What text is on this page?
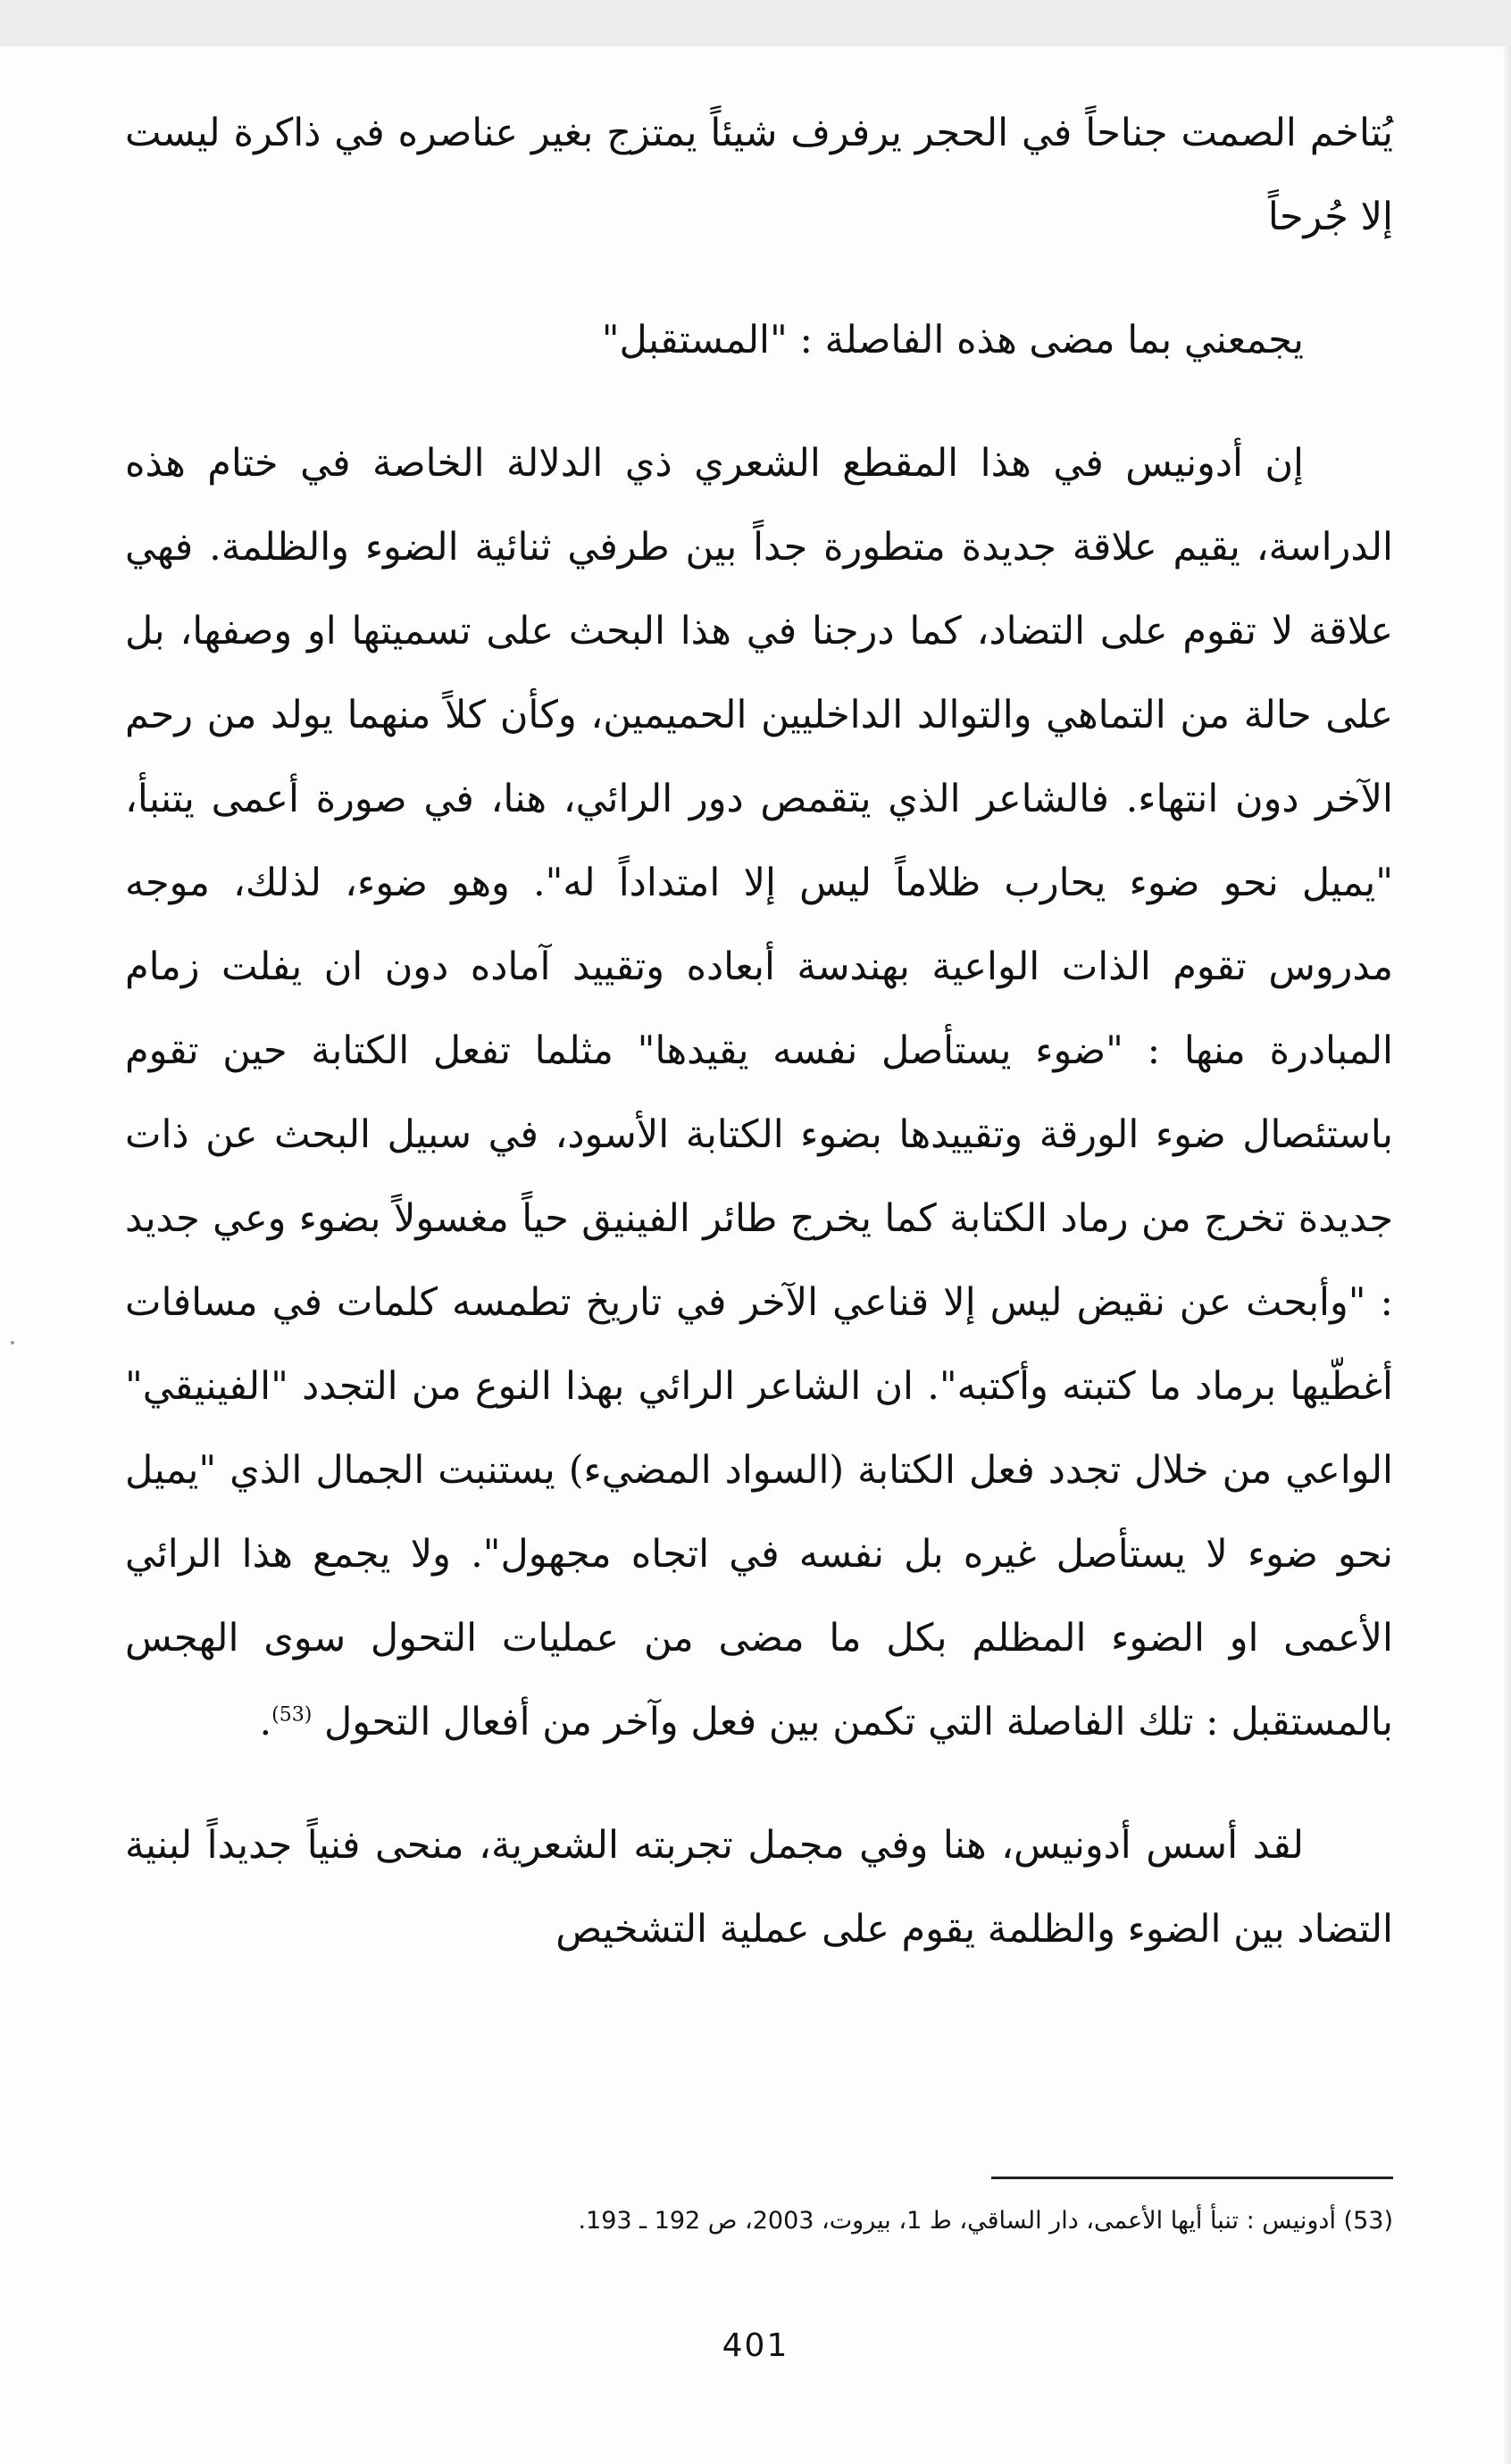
يُتاخم الصمت جناحاً في الحجر يرفرف شيئاً يمتزج بغير عناصره في ذاكرة ليست إلا جُرحاً

يجمعني بما مضى هذه الفاصلة : "المستقبل"

إن أدونيس في هذا المقطع الشعري ذي الدلالة الخاصة في ختام هذه الدراسة، يقيم علاقة جديدة متطورة جداً بين طرفي ثنائية الضوء والظلمة. فهي علاقة لا تقوم على التضاد، كما درجنا في هذا البحث على تسميتها او وصفها، بل على حالة من التماهي والتوالد الداخليين الحميمين، وكأن كلاً منهما يولد من رحم الآخر دون انتهاء. فالشاعر الذي يتقمص دور الرائي، هنا، في صورة أعمى يتنبأ، "يميل نحو ضوء يحارب ظلاماً ليس إلا امتداداً له". وهو ضوء، لذلك، موجه مدروس تقوم الذات الواعية بهندسة أبعاده وتقييد آماده دون ان يفلت زمام المبادرة منها : "ضوء يستأصل نفسه يقيدها" مثلما تفعل الكتابة حين تقوم باستئصال ضوء الورقة وتقييدها بضوء الكتابة الأسود، في سبيل البحث عن ذات جديدة تخرج من رماد الكتابة كما يخرج طائر الفينيق حياً مغسولاً بضوء وعي جديد : "وأبحث عن نقيض ليس إلا قناعي الآخر في تاريخ تطمسه كلمات في مسافات أغطّيها برماد ما كتبته وأكتبه". ان الشاعر الرائي بهذا النوع من التجدد "الفينيقي" الواعي من خلال تجدد فعل الكتابة (السواد المضيء) يستنبت الجمال الذي "يميل نحو ضوء لا يستأصل غيره بل نفسه في اتجاه مجهول". ولا يجمع هذا الرائي الأعمى او الضوء المظلم بكل ما مضى من عمليات التحول سوى الهجس بالمستقبل : تلك الفاصلة التي تكمن بين فعل وآخر من أفعال التحول $^{(53)}$.

لقد أسس أدونيس، هنا وفي مجمل تجربته الشعرية، منحى فنياً جديداً لبنية التضاد بين الضوء والظلمة يقوم على عملية التشخيص

(53) أدونيس : تنبأ أيها الأعمى، دار الساقي، ط 1، بيروت، 2003، ص 192 ـ 193.
401
